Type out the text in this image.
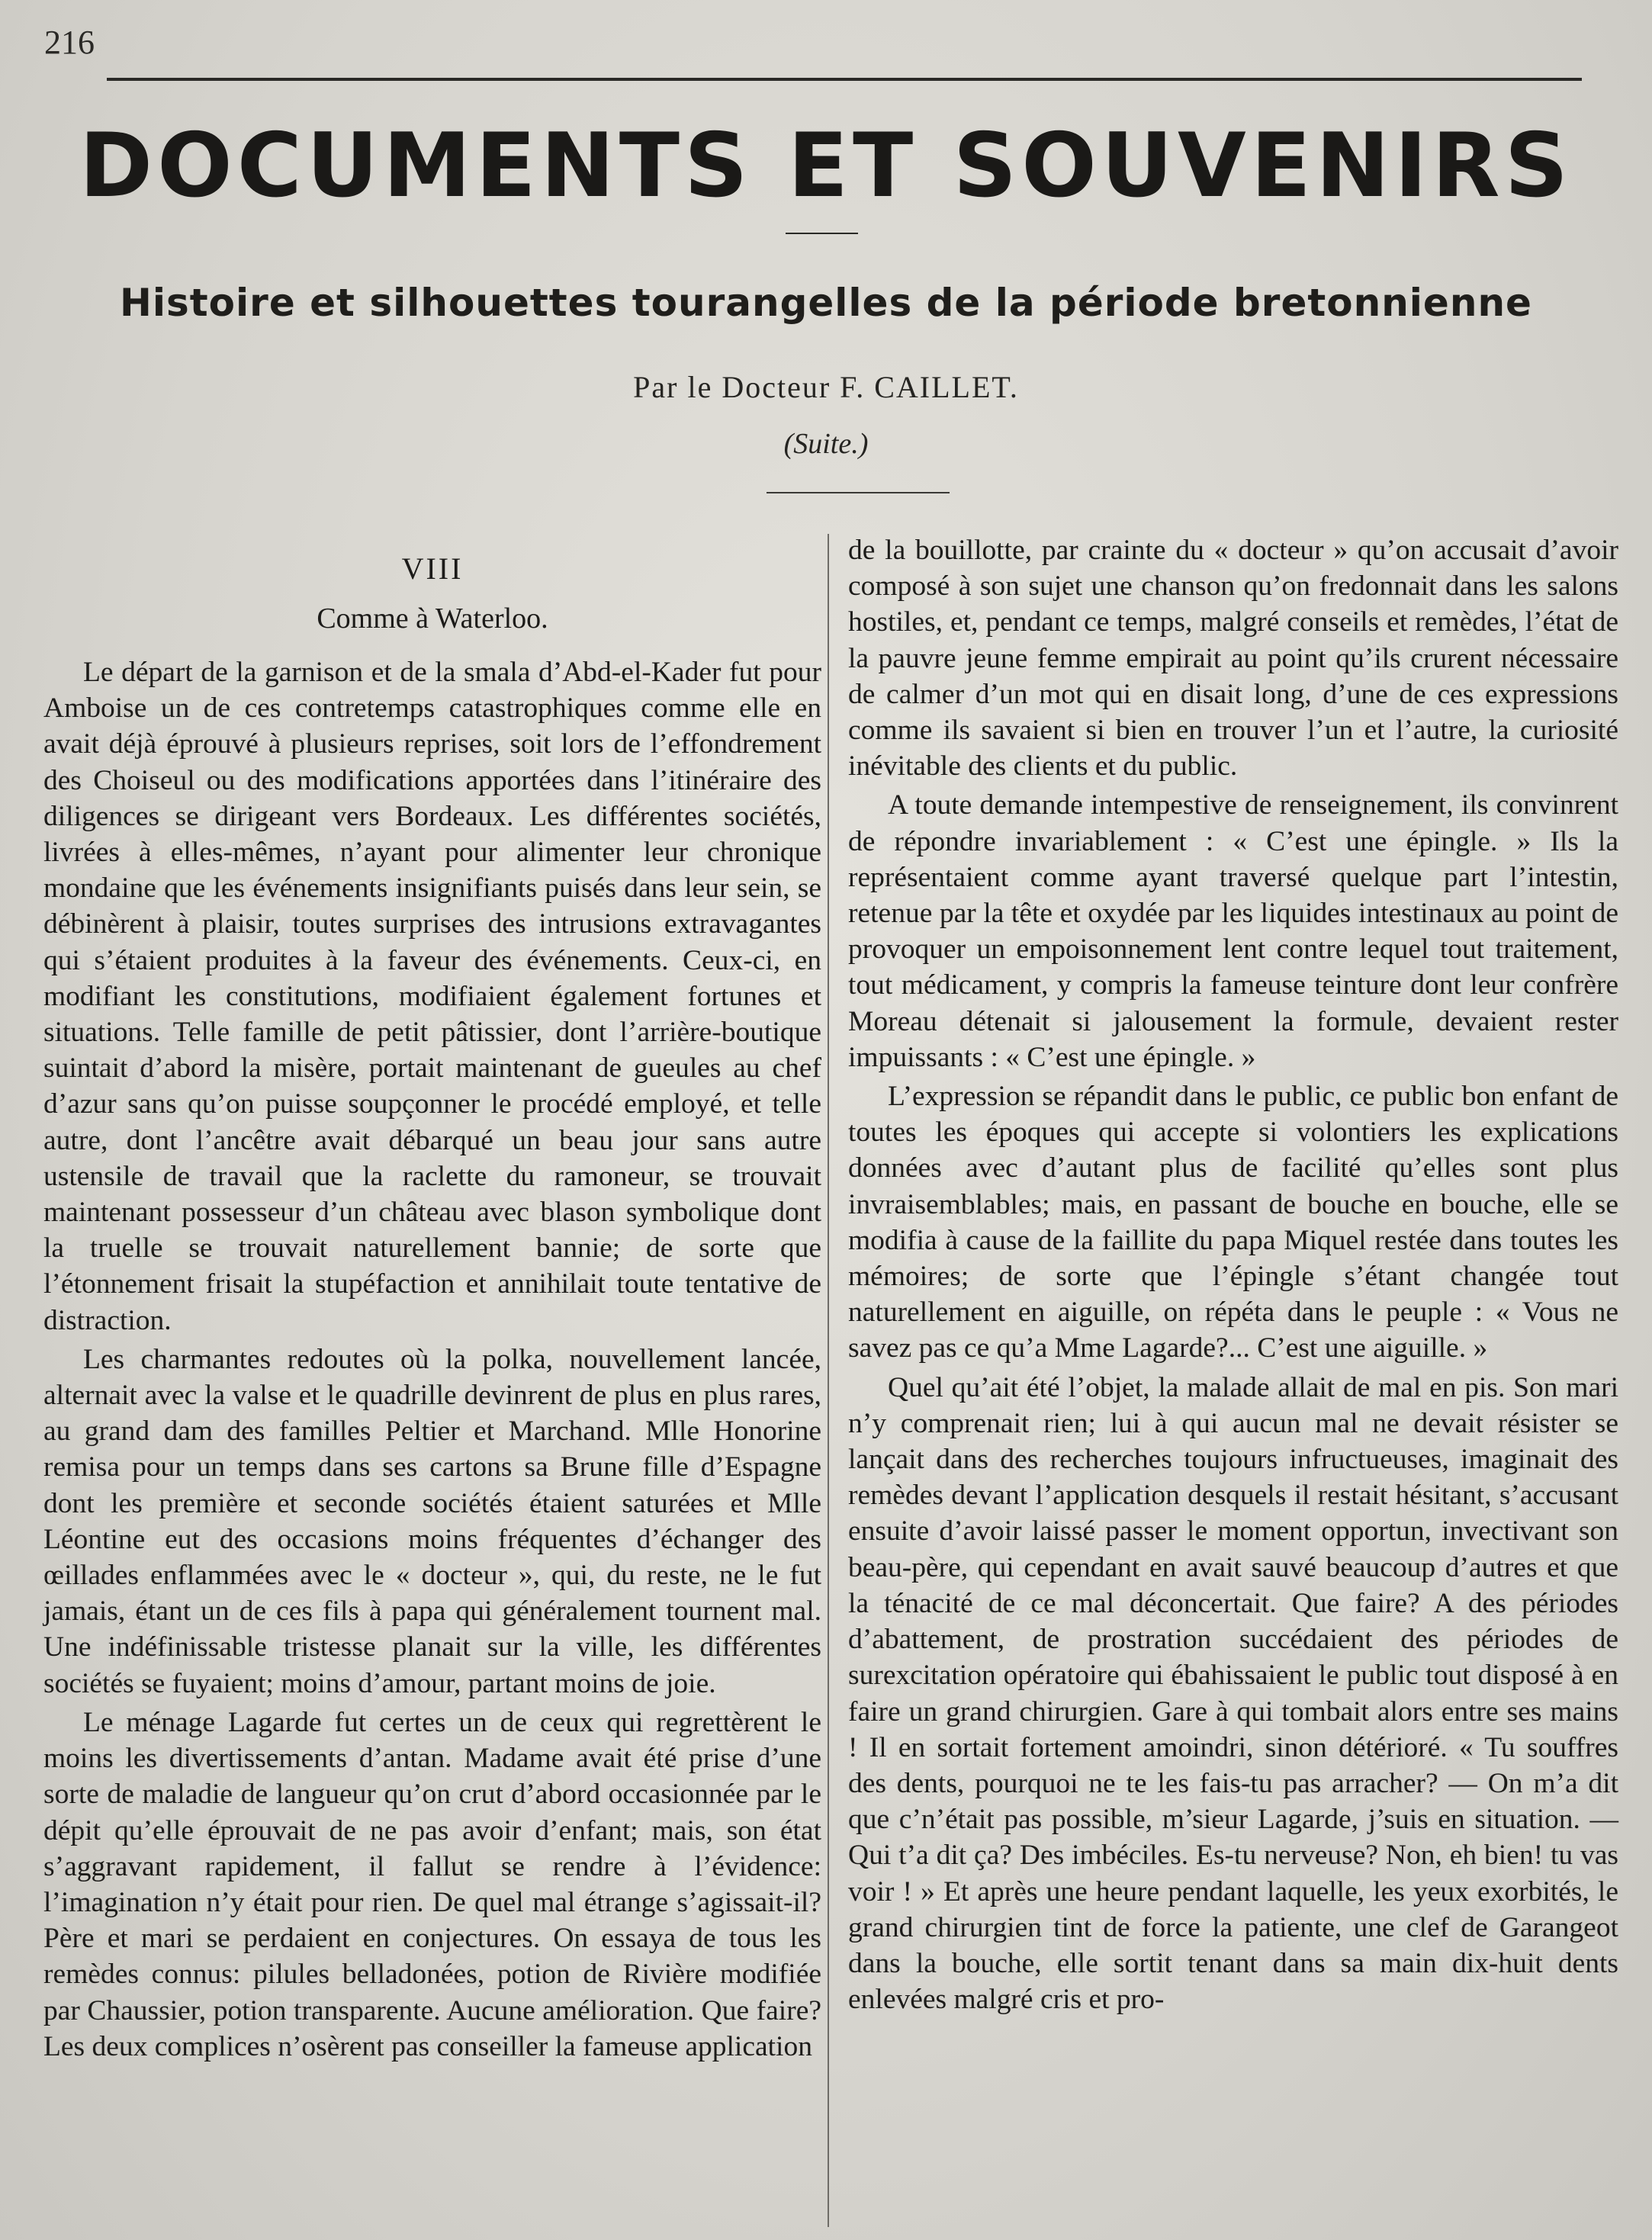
216
DOCUMENTS ET SOUVENIRS
Histoire et silhouettes tourangelles de la période bretonnienne
Par le Docteur F. CAILLET.
(Suite.)
VIII
Comme à Waterloo.

Le départ de la garnison et de la smala d’Abd-el-Kader fut pour Amboise un de ces contretemps catastrophiques comme elle en avait déjà éprouvé à plusieurs reprises, soit lors de l’effondrement des Choiseul ou des modifications apportées dans l’itinéraire des diligences se dirigeant vers Bordeaux. Les différentes sociétés, livrées à elles-mêmes, n’ayant pour alimenter leur chronique mondaine que les événements insignifiants puisés dans leur sein, se débinèrent à plaisir, toutes surprises des intrusions extravagantes qui s’étaient produites à la faveur des événements. Ceux-ci, en modifiant les constitutions, modifiaient également fortunes et situations. Telle famille de petit pâtissier, dont l’arrière-boutique suintait d’abord la misère, portait maintenant de gueules au chef d’azur sans qu’on puisse soupçonner le procédé employé, et telle autre, dont l’ancêtre avait débarqué un beau jour sans autre ustensile de travail que la raclette du ramoneur, se trouvait maintenant possesseur d’un château avec blason symbolique dont la truelle se trouvait naturellement bannie; de sorte que l’étonnement frisait la stupéfaction et annihilait toute tentative de distraction.

Les charmantes redoutes où la polka, nouvellement lancée, alternait avec la valse et le quadrille devinrent de plus en plus rares, au grand dam des familles Peltier et Marchand. Mlle Honorine remisa pour un temps dans ses cartons sa Brune fille d’Espagne dont les première et seconde sociétés étaient saturées et Mlle Léontine eut des occasions moins fréquentes d’échanger des œillades enflammées avec le « docteur », qui, du reste, ne le fut jamais, étant un de ces fils à papa qui généralement tournent mal. Une indéfinissable tristesse planait sur la ville, les différentes sociétés se fuyaient; moins d’amour, partant moins de joie.

Le ménage Lagarde fut certes un de ceux qui regrettèrent le moins les divertissements d’antan. Madame avait été prise d’une sorte de maladie de langueur qu’on crut d’abord occasionnée par le dépit qu’elle éprouvait de ne pas avoir d’enfant; mais, son état s’aggravant rapidement, il fallut se rendre à l’évidence: l’imagination n’y était pour rien. De quel mal étrange s’agissait-il? Père et mari se perdaient en conjectures. On essaya de tous les remèdes connus: pilules belladonées, potion de Rivière modifiée par Chaussier, potion transparente. Aucune amélioration. Que faire? Les deux complices n’osèrent pas conseiller la fameuse application

de la bouillotte, par crainte du « docteur » qu’on accusait d’avoir composé à son sujet une chanson qu’on fredonnait dans les salons hostiles, et, pendant ce temps, malgré conseils et remèdes, l’état de la pauvre jeune femme empirait au point qu’ils crurent nécessaire de calmer d’un mot qui en disait long, d’une de ces expressions comme ils savaient si bien en trouver l’un et l’autre, la curiosité inévitable des clients et du public.

A toute demande intempestive de renseignement, ils convinrent de répondre invariablement : « C’est une épingle. » Ils la représentaient comme ayant traversé quelque part l’intestin, retenue par la tête et oxydée par les liquides intestinaux au point de provoquer un empoisonnement lent contre lequel tout traitement, tout médicament, y compris la fameuse teinture dont leur confrère Moreau détenait si jalousement la formule, devaient rester impuissants : « C’est une épingle. »

L’expression se répandit dans le public, ce public bon enfant de toutes les époques qui accepte si volontiers les explications données avec d’autant plus de facilité qu’elles sont plus invraisemblables; mais, en passant de bouche en bouche, elle se modifia à cause de la faillite du papa Miquel restée dans toutes les mémoires; de sorte que l’épingle s’étant changée tout naturellement en aiguille, on répéta dans le peuple : « Vous ne savez pas ce qu’a Mme Lagarde?... C’est une aiguille. »

Quel qu’ait été l’objet, la malade allait de mal en pis. Son mari n’y comprenait rien; lui à qui aucun mal ne devait résister se lançait dans des recherches toujours infructueuses, imaginait des remèdes devant l’application desquels il restait hésitant, s’accusant ensuite d’avoir laissé passer le moment opportun, invectivant son beau-père, qui cependant en avait sauvé beaucoup d’autres et que la ténacité de ce mal déconcertait. Que faire? A des périodes d’abattement, de prostration succédaient des périodes de surexcitation opératoire qui ébahissaient le public tout disposé à en faire un grand chirurgien. Gare à qui tombait alors entre ses mains ! Il en sortait fortement amoindri, sinon détérioré. « Tu souffres des dents, pourquoi ne te les fais-tu pas arracher? — On m’a dit que c’n’était pas possible, m’sieur Lagarde, j’suis en situation. — Qui t’a dit ça? Des imbéciles. Es-tu nerveuse? Non, eh bien! tu vas voir ! » Et après une heure pendant laquelle, les yeux exorbités, le grand chirurgien tint de force la patiente, une clef de Garangeot dans la bouche, elle sortit tenant dans sa main dix-huit dents enlevées malgré cris et pro-
